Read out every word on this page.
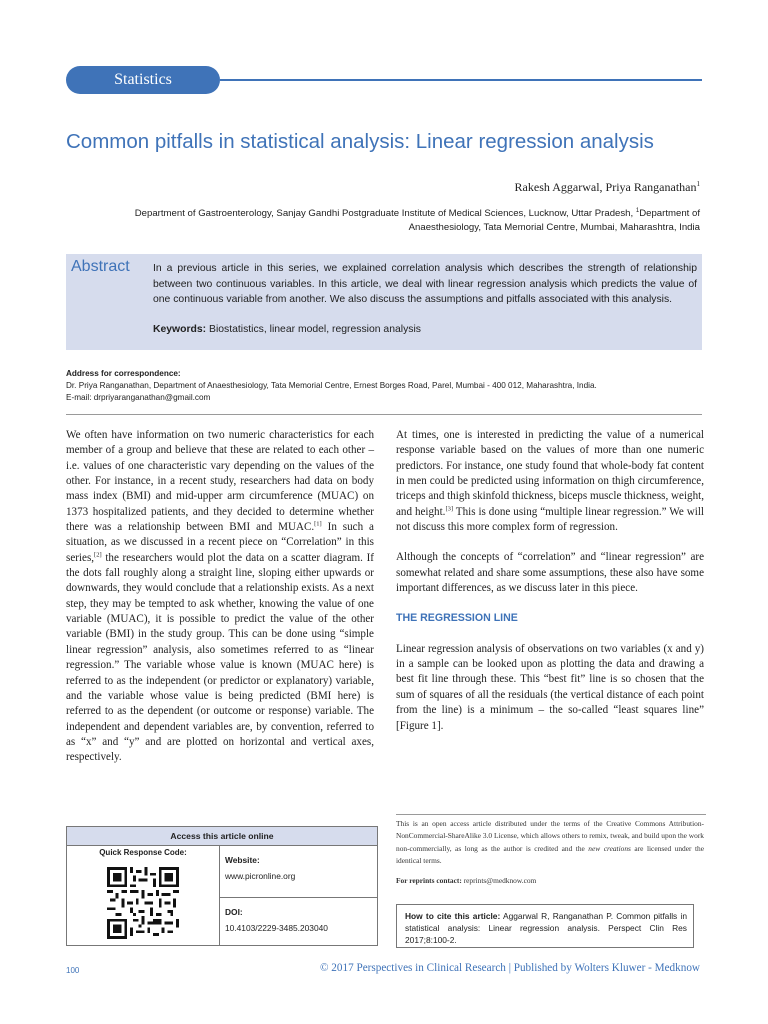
Statistics
Common pitfalls in statistical analysis: Linear regression analysis
Rakesh Aggarwal, Priya Ranganathan$^1$
Department of Gastroenterology, Sanjay Gandhi Postgraduate Institute of Medical Sciences, Lucknow, Uttar Pradesh, $^1$Department of Anaesthesiology, Tata Memorial Centre, Mumbai, Maharashtra, India
Abstract In a previous article in this series, we explained correlation analysis which describes the strength of relationship between two continuous variables. In this article, we deal with linear regression analysis which predicts the value of one continuous variable from another. We also discuss the assumptions and pitfalls associated with this analysis.
Keywords: Biostatistics, linear model, regression analysis
Address for correspondence:
Dr. Priya Ranganathan, Department of Anaesthesiology, Tata Memorial Centre, Ernest Borges Road, Parel, Mumbai - 400 012, Maharashtra, India.
E-mail: drpriyaranganathan@gmail.com

We often have information on two numeric characteristics for each member of a group and believe that these are related to each other – i.e. values of one characteristic vary depending on the values of the other. For instance, in a recent study, researchers had data on body mass index (BMI) and mid-upper arm circumference (MUAC) on 1373 hospitalized patients, and they decided to determine whether there was a relationship between BMI and MUAC.[1] In such a situation, as we discussed in a recent piece on “Correlation” in this series,[2] the researchers would plot the data on a scatter diagram. If the dots fall roughly along a straight line, sloping either upwards or downwards, they would conclude that a relationship exists. As a next step, they may be tempted to ask whether, knowing the value of one variable (MUAC), it is possible to predict the value of the other variable (BMI) in the study group. This can be done using “simple linear regression” analysis, also sometimes referred to as “linear regression.” The variable whose value is known (MUAC here) is referred to as the independent (or predictor or explanatory) variable, and the variable whose value is being predicted (BMI here) is referred to as the dependent (or outcome or response) variable. The independent and dependent variables are, by convention, referred to as “x” and “y” and are plotted on horizontal and vertical axes, respectively.

At times, one is interested in predicting the value of a numerical response variable based on the values of more than one numeric predictors. For instance, one study found that whole-body fat content in men could be predicted using information on thigh circumference, triceps and thigh skinfold thickness, biceps muscle thickness, weight, and height.[3] This is done using “multiple linear regression.” We will not discuss this more complex form of regression.

Although the concepts of “correlation” and “linear regression” are somewhat related and share some assumptions, these also have some important differences, as we discuss later in this piece.

THE REGRESSION LINE

Linear regression analysis of observations on two variables (x and y) in a sample can be looked upon as plotting the data and drawing a best fit line through these. This “best fit” line is so chosen that the sum of squares of all the residuals (the vertical distance of each point from the line) is a minimum – the so-called “least squares line” [Figure 1].

Access this article online
Quick Response Code:
Website:
www.picronline.org
DOI:
10.4103/2229-3485.203040
This is an open access article distributed under the terms of the Creative Commons Attribution-NonCommercial-ShareAlike 3.0 License, which allows others to remix, tweak, and build upon the work non-commercially, as long as the author is credited and the new creations are licensed under the identical terms.
For reprints contact: reprints@medknow.com
How to cite this article: Aggarwal R, Ranganathan P. Common pitfalls in statistical analysis: Linear regression analysis. Perspect Clin Res 2017;8:100-2.
100	© 2017 Perspectives in Clinical Research | Published by Wolters Kluwer - Medknow
